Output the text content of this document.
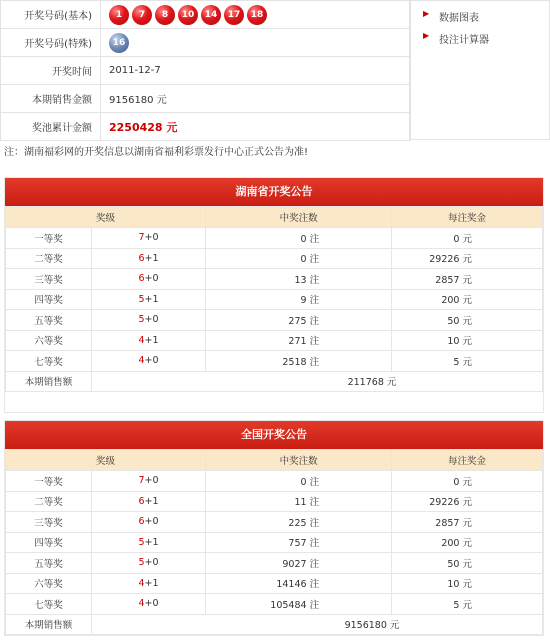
开奖号码(基本)	1 7 8 10 14 17 18
开奖号码(特殊)	16
开奖时间	2011-12-7
本期销售金额	9156180 元
奖池累计金额	2250428 元
▶ 数据图表
▶ 投注计算器
注：湖南福彩网的开奖信息以湖南省福利彩票发行中心正式公告为准!
湖南省开奖公告
奖级		中奖注数	每注奖金
一等奖	7+0	0 注	0 元
二等奖	6+1	0 注	29226 元
三等奖	6+0	13 注	2857 元
四等奖	5+1	9 注	200 元
五等奖	5+0	275 注	50 元
六等奖	4+1	271 注	10 元
七等奖	4+0	2518 注	5 元
本期销售额	211768 元		
全国开奖公告
奖级		中奖注数	每注奖金
一等奖	7+0	0 注	0 元
二等奖	6+1	11 注	29226 元
三等奖	6+0	225 注	2857 元
四等奖	5+1	757 注	200 元
五等奖	5+0	9027 注	50 元
六等奖	4+1	14146 注	10 元
七等奖	4+0	105484 注	5 元
本期销售额	9156180 元		
